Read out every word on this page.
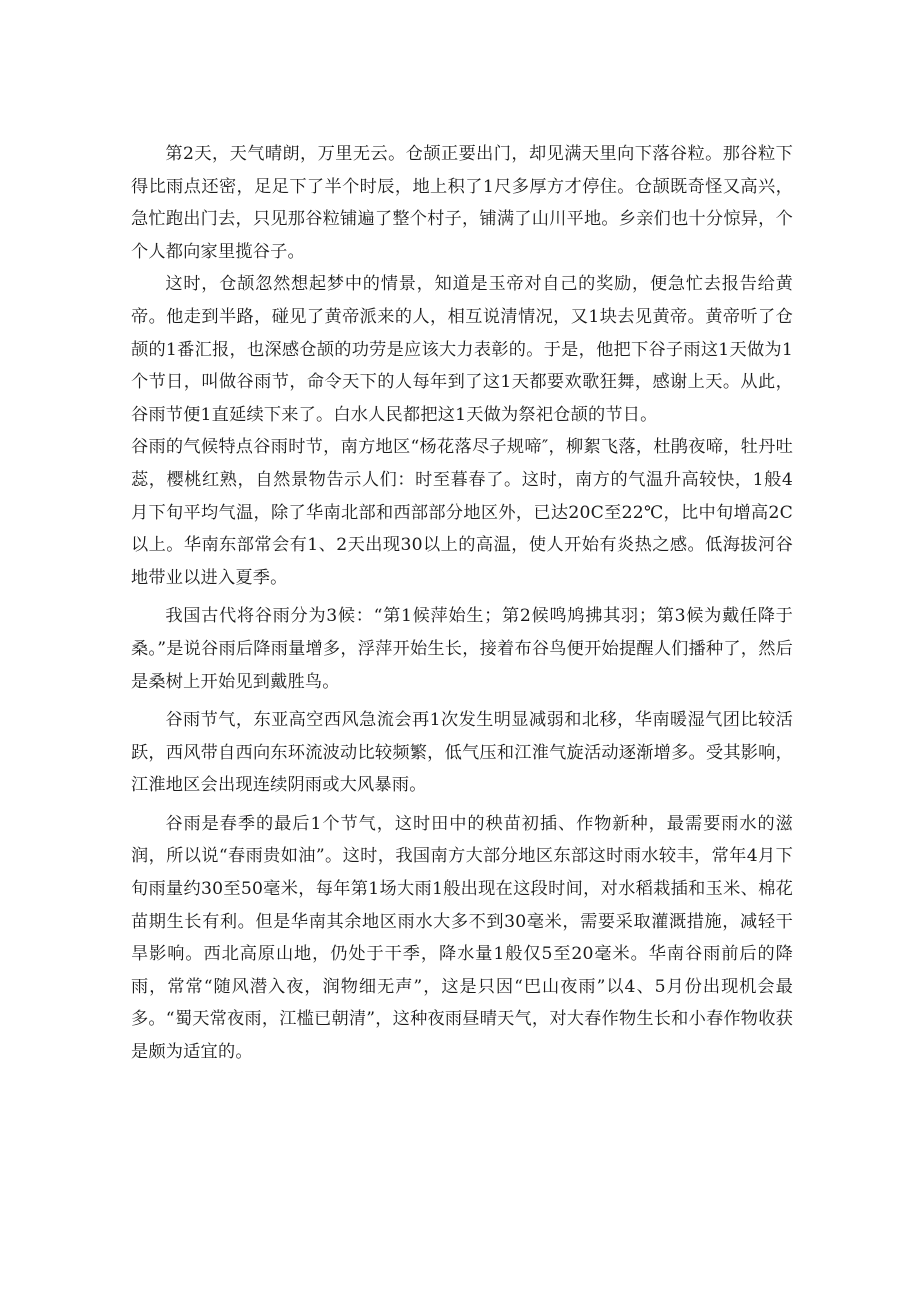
第2天，天气晴朗，万里无云。仓颉正要出门，却见满天里向下落谷粒。那谷粒下得比雨点还密，足足下了半个时辰，地上积了1尺多厚方才停住。仓颉既奇怪又高兴，急忙跑出门去，只见那谷粒铺遍了整个村子，铺满了山川平地。乡亲们也十分惊异，个个人都向家里揽谷子。

这时，仓颉忽然想起梦中的情景，知道是玉帝对自己的奖励，便急忙去报告给黄帝。他走到半路，碰见了黄帝派来的人，相互说清情况，又1块去见黄帝。黄帝听了仓颉的1番汇报，也深感仓颉的功劳是应该大力表彰的。于是，他把下谷子雨这1天做为1个节日，叫做谷雨节，命令天下的人每年到了这1天都要欢歌狂舞，感谢上天。从此，谷雨节便1直延续下来了。白水人民都把这1天做为祭祀仓颉的节日。

谷雨的气候特点谷雨时节，南方地区“杨花落尽子规啼″，柳絮飞落，杜鹃夜啼，牡丹吐蕊，樱桃红熟，自然景物告示人们：时至暮春了。这时，南方的气温升高较快，1般4月下旬平均气温，除了华南北部和西部部分地区外，已达20C至22℃，比中旬增高2C以上。华南东部常会有1、2天出现30以上的高温，使人开始有炎热之感。低海拔河谷地带业以进入夏季。

我国古代将谷雨分为3候：“第1候萍始生；第2候鸣鸠拂其羽；第3候为戴任降于桑。”是说谷雨后降雨量增多，浮萍开始生长，接着布谷鸟便开始提醒人们播种了，然后是桑树上开始见到戴胜鸟。

谷雨节气，东亚高空西风急流会再1次发生明显减弱和北移，华南暖湿气团比较活跃，西风带自西向东环流波动比较频繁，低气压和江淮气旋活动逐渐增多。受其影响，江淮地区会出现连续阴雨或大风暴雨。

谷雨是春季的最后1个节气，这时田中的秧苗初插、作物新种，最需要雨水的滋润，所以说“春雨贵如油”。这时，我国南方大部分地区东部这时雨水较丰，常年4月下旬雨量约30至50毫米，每年第1场大雨1般出现在这段时间，对水稻栽插和玉米、棉花苗期生长有利。但是华南其余地区雨水大多不到30毫米，需要采取灌溉措施，减轻干旱影响。西北高原山地，仍处于干季，降水量1般仅5至20毫米。华南谷雨前后的降雨，常常“随风潜入夜，润物细无声”，这是只因“巴山夜雨”以4、5月份出现机会最多。“蜀天常夜雨，江槛已朝清”，这种夜雨昼晴天气，对大春作物生长和小春作物收获是颇为适宜的。
